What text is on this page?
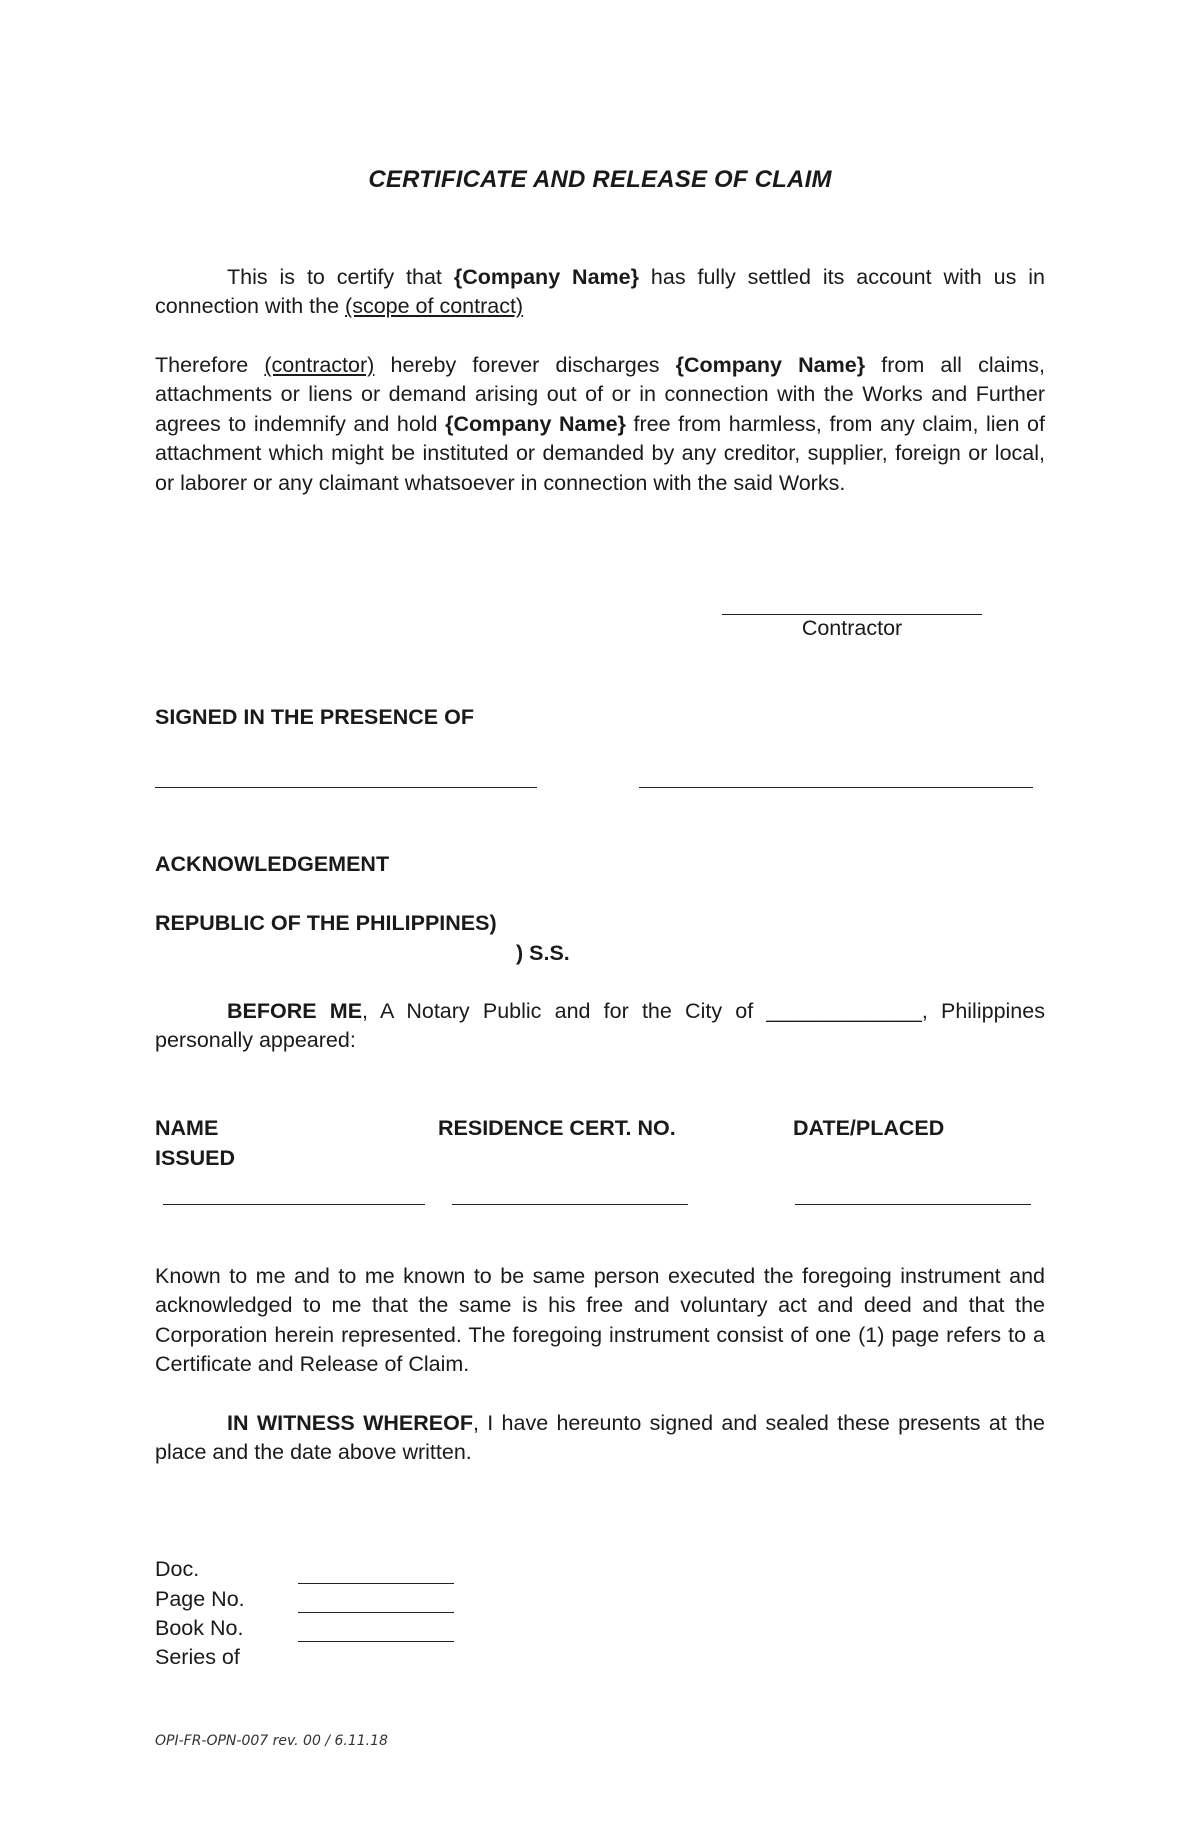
CERTIFICATE AND RELEASE OF CLAIM
This is to certify that {Company Name} has fully settled its account with us in connection with the (scope of contract)
Therefore (contractor) hereby forever discharges {Company Name} from all claims, attachments or liens or demand arising out of or in connection with the Works and Further agrees to indemnify and hold {Company Name} free from harmless, from any claim, lien of attachment which might be instituted or demanded by any creditor, supplier, foreign or local, or laborer or any claimant whatsoever in connection with the said Works.
Contractor
SIGNED IN THE PRESENCE OF
ACKNOWLEDGEMENT
REPUBLIC OF THE PHILIPPINES)
) S.S.
BEFORE ME, A Notary Public and for the City of _____________, Philippines personally appeared:
NAME	RESIDENCE CERT. NO.	DATE/PLACED
ISSUED
Known to me and to me known to be same person executed the foregoing instrument and acknowledged to me that the same is his free and voluntary act and deed and that the Corporation herein represented. The foregoing instrument consist of one (1) page refers to a Certificate and Release of Claim.
IN WITNESS WHEREOF, I have hereunto signed and sealed these presents at the place and the date above written.
Doc.
Page No.
Book No.
Series of
OPI-FR-OPN-007 rev. 00 / 6.11.18
